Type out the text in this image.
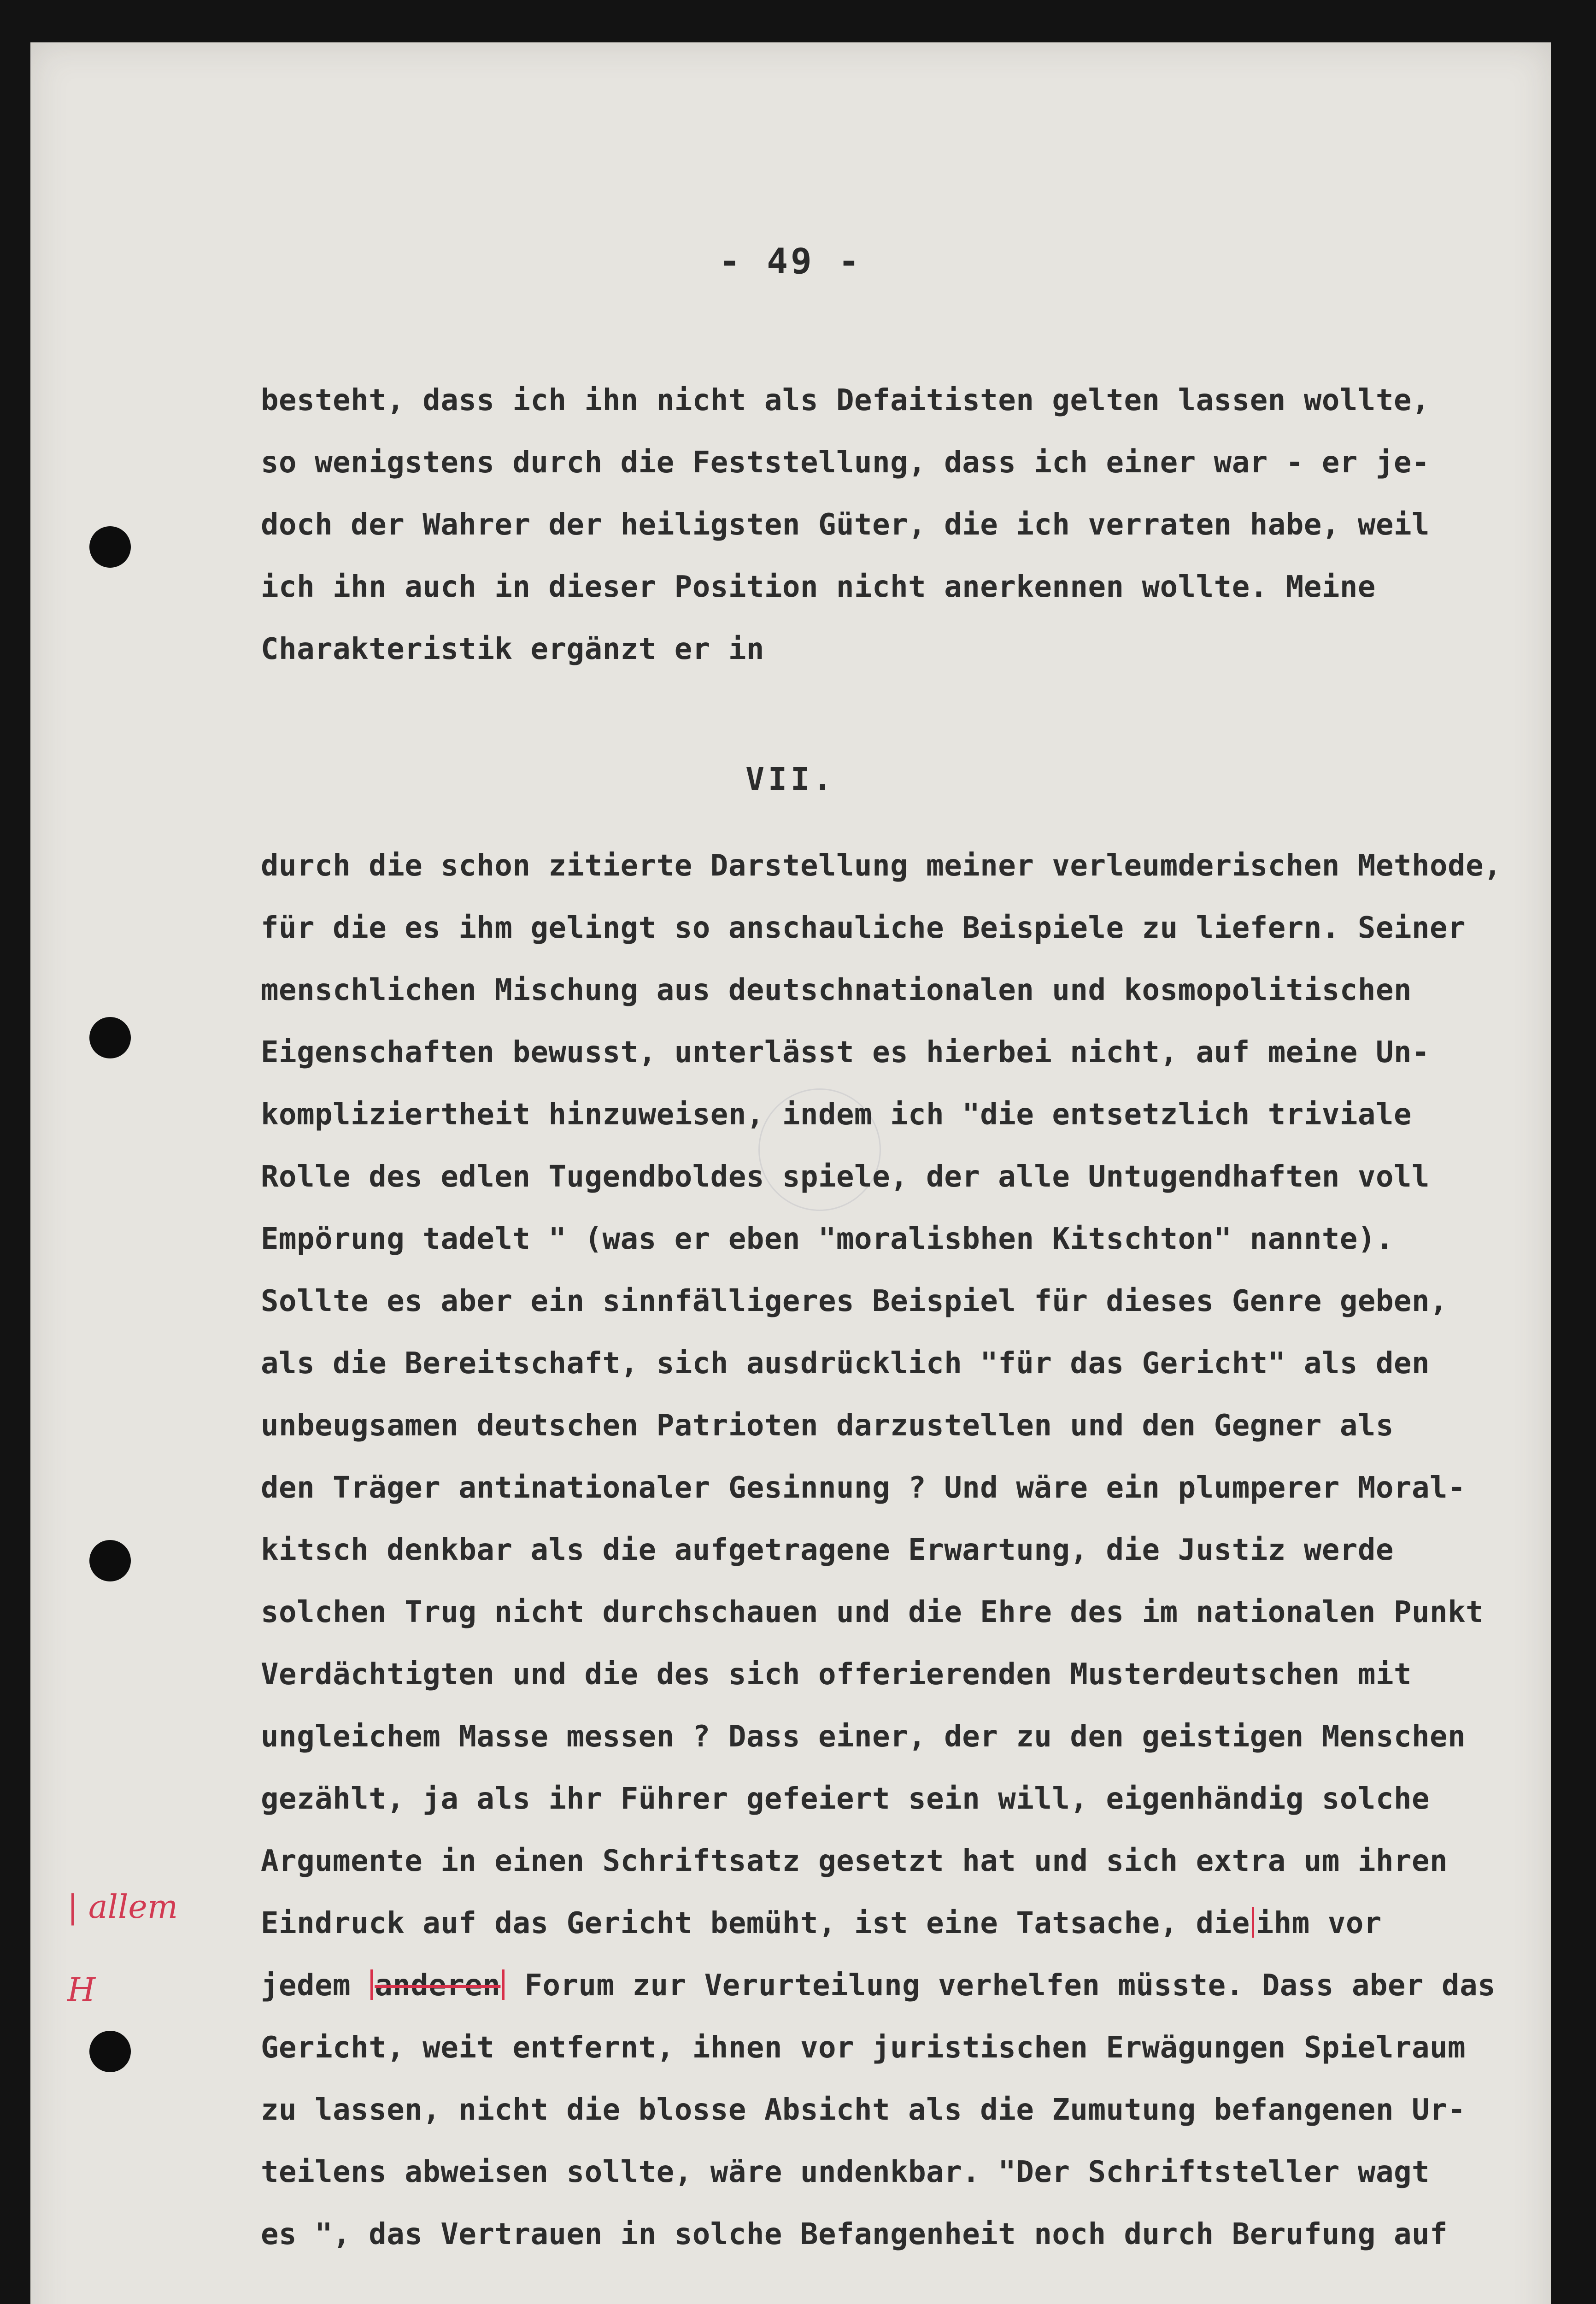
- 49 -

besteht, dass ich ihn nicht als Defaitisten gelten lassen wollte,

so wenigstens durch die Feststellung, dass ich einer war - er je-

doch der Wahrer der heiligsten Güter, die ich verraten habe, weil

ich ihn auch in dieser Position nicht anerkennen wollte. Meine

Charakteristik ergänzt er in

VII.

durch die schon zitierte Darstellung meiner verleumderischen Methode,

für die es ihm gelingt so anschauliche Beispiele zu liefern. Seiner

menschlichen Mischung aus deutschnationalen und kosmopolitischen

Eigenschaften bewusst, unterlässt es hierbei nicht, auf meine Un-

kompliziertheit hinzuweisen, indem ich "die entsetzlich triviale

Rolle des edlen Tugendboldes spiele, der alle Untugendhaften voll

Empörung tadelt " (was er eben "moralisbhen Kitschton" nannte).

Sollte es aber ein sinnfälligeres Beispiel für dieses Genre geben,

als die Bereitschaft, sich ausdrücklich "für das Gericht" als den

unbeugsamen deutschen Patrioten darzustellen und den Gegner als

den Träger antinationaler Gesinnung ? Und wäre ein plumperer Moral-

kitsch denkbar als die aufgetragene Erwartung, die Justiz werde

solchen Trug nicht durchschauen und die Ehre des im nationalen Punkt

Verdächtigten und die des sich offerierenden Musterdeutschen mit

ungleichem Masse messen ? Dass einer, der zu den geistigen Menschen

gezählt, ja als ihr Führer gefeiert sein will, eigenhändig solche

Argumente in einen Schriftsatz gesetzt hat und sich extra um ihren

Eindruck auf das Gericht bemüht, ist eine Tatsache, die ihm vor

jedem anderen Forum zur Verurteilung verhelfen müsste. Dass aber das

Gericht, weit entfernt, ihnen vor juristischen Erwägungen Spielraum

zu lassen, nicht die blosse Absicht als die Zumutung befangenen Ur-

teilens abweisen sollte, wäre undenkbar. "Der Schriftsteller wagt

es ", das Vertrauen in solche Befangenheit noch durch Berufung auf

| allem
H
